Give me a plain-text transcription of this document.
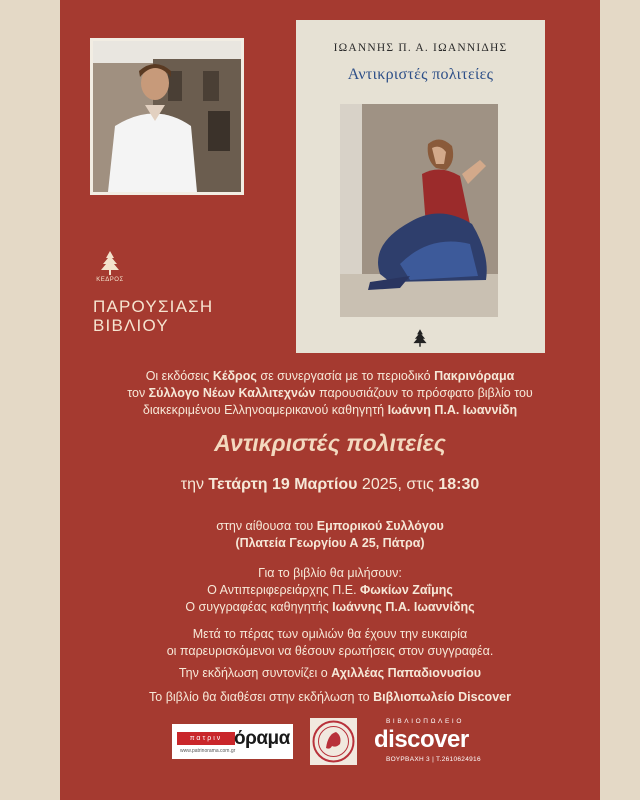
ΚΕΔΡΟΣ
ΠΑΡΟΥΣΙΑΣΗ
ΒΙΒΛΙΟΥ
ΙΩΑΝΝΗΣ Π. Α. ΙΩΑΝΝΙΔΗΣ
Αντικριστές πολιτείες
Οι εκδόσεις Κέδρος σε συνεργασία με το περιοδικό Πακρινόραμα
τον Σύλλογο Νέων Καλλιτεχνών παρουσιάζουν το πρόσφατο βιβλίο του
διακεκριμένου Ελληνοαμερικανού καθηγητή Ιωάννη Π.Α. Ιωαννίδη
Αντικριστές πολιτείες
την Τετάρτη 19 Μαρτίου 2025, στις 18:30
στην αίθουσα του Εμπορικού Συλλόγου
(Πλατεία Γεωργίου Α 25, Πάτρα)
Για το βιβλίο θα μιλήσουν:
Ο Αντιπεριφερειάρχης Π.Ε. Φωκίων Ζαΐμης
Ο συγγραφέας καθηγητής Ιωάννης Π.Α. Ιωαννίδης
Μετά το πέρας των ομιλιών θα έχουν την ευκαιρία
οι παρευρισκόμενοι να θέσουν ερωτήσεις στον συγγραφέα.
Την εκδήλωση συντονίζει ο Αχιλλέας Παπαδιονυσίου
Το βιβλίο θα διαθέσει στην εκδήλωση το Βιβλιοπωλείο Discover
πατριν όραμα
www.patrinorama.com.gr
ΒΙΒΛΙΟΠΩΛΕΙΟ
discover
ΒΟΥΡΒΑΧΗ 3 | Τ.2610624916
